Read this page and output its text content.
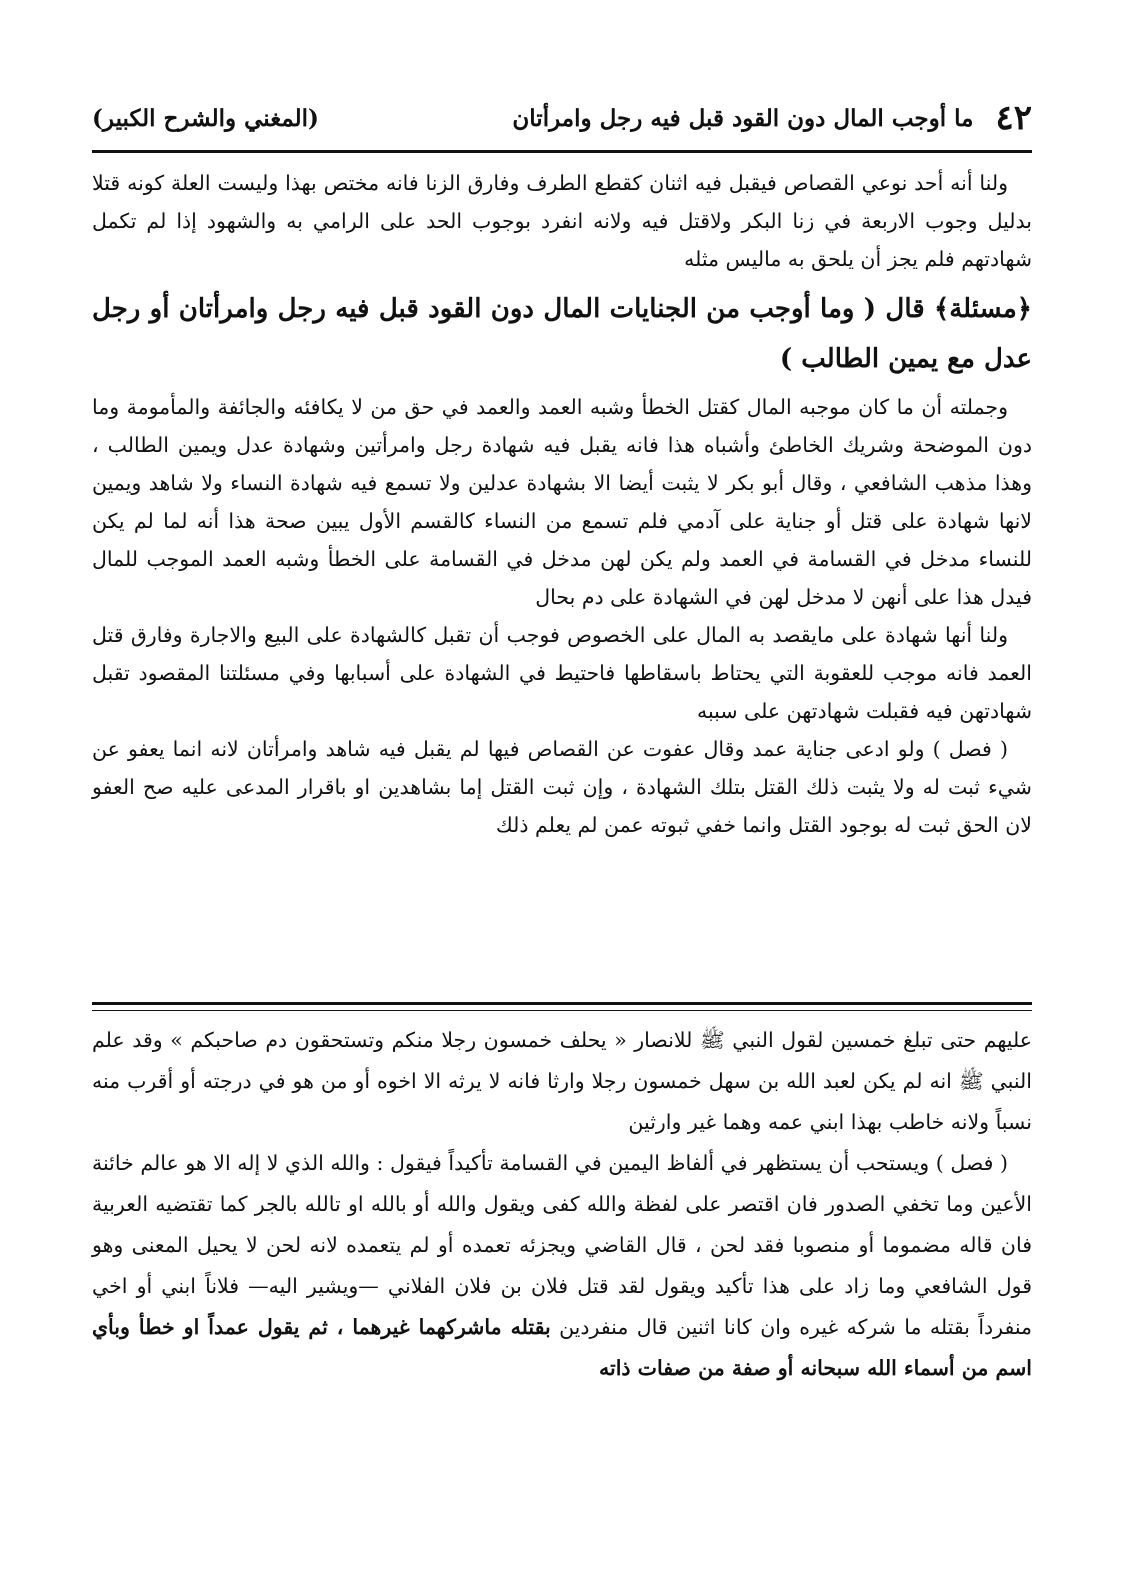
٤٢
ما أوجب المال دون القود قبل فيه رجل وامرأتان
(المغني والشرح الكبير)

ولنا أنه أحد نوعي القصاص فيقبل فيه اثنان كقطع الطرف وفارق الزنا فانه مختص بهذا وليست العلة كونه قتلا بدليل وجوب الاربعة في زنا البكر ولاقتل فيه ولانه انفرد بوجوب الحد على الرامي به والشهود إذا لم تكمل شهادتهم فلم يجز أن يلحق به ماليس مثله

﴿مسئلة﴾ قال ( وما أوجب من الجنايات المال دون القود قبل فيه رجل وامرأتان أو رجل عدل مع يمين الطالب )

وجملته أن ما كان موجبه المال كقتل الخطأ وشبه العمد والعمد في حق من لا يكافئه والجائفة والمأمومة وما دون الموضحة وشريك الخاطئ وأشباه هذا فانه يقبل فيه شهادة رجل وامرأتين وشهادة عدل ويمين الطالب ، وهذا مذهب الشافعي ، وقال أبو بكر لا يثبت أيضا الا بشهادة عدلين ولا تسمع فيه شهادة النساء ولا شاهد ويمين لانها شهادة على قتل أو جناية على آدمي فلم تسمع من النساء كالقسم الأول يبين صحة هذا أنه لما لم يكن للنساء مدخل في القسامة في العمد ولم يكن لهن مدخل في القسامة على الخطأ وشبه العمد الموجب للمال فيدل هذا على أنهن لا مدخل لهن في الشهادة على دم بحال

ولنا أنها شهادة على مايقصد به المال على الخصوص فوجب أن تقبل كالشهادة على البيع والاجارة وفارق قتل العمد فانه موجب للعقوبة التي يحتاط باسقاطها فاحتيط في الشهادة على أسبابها وفي مسئلتنا المقصود تقبل شهادتهن فيه فقبلت شهادتهن على سببه

( فصل ) ولو ادعى جناية عمد وقال عفوت عن القصاص فيها لم يقبل فيه شاهد وامرأتان لانه انما يعفو عن شيء ثبت له ولا يثبت ذلك القتل بتلك الشهادة ، وإن ثبت القتل إما بشاهدين او باقرار المدعى عليه صح العفو لان الحق ثبت له بوجود القتل وانما خفي ثبوته عمن لم يعلم ذلك

عليهم حتى تبلغ خمسين لقول النبي ﷺ للانصار « يحلف خمسون رجلا منكم وتستحقون دم صاحبكم » وقد علم النبي ﷺ انه لم يكن لعبد الله بن سهل خمسون رجلا وارثا فانه لا يرثه الا اخوه أو من هو في درجته أو أقرب منه نسباً ولانه خاطب بهذا ابني عمه وهما غير وارثين

( فصل ) ويستحب أن يستظهر في ألفاظ اليمين في القسامة تأكيداً فيقول : والله الذي لا إله الا هو عالم خائنة الأعين وما تخفي الصدور فان اقتصر على لفظة والله كفى ويقول والله أو بالله او تالله بالجر كما تقتضيه العربية فان قاله مضموما أو منصوبا فقد لحن ، قال القاضي ويجزئه تعمده أو لم يتعمده لانه لحن لا يحيل المعنى وهو قول الشافعي وما زاد على هذا تأكيد ويقول لقد قتل فلان بن فلان الفلاني —ويشير اليه— فلاناً ابني أو اخي منفرداً بقتله ما شركه غيره وان كانا اثنين قال منفردين بقتله ماشركهما غيرهما ، ثم يقول عمداً او خطأ وبأي اسم من أسماء الله سبحانه أو صفة من صفات ذاته
